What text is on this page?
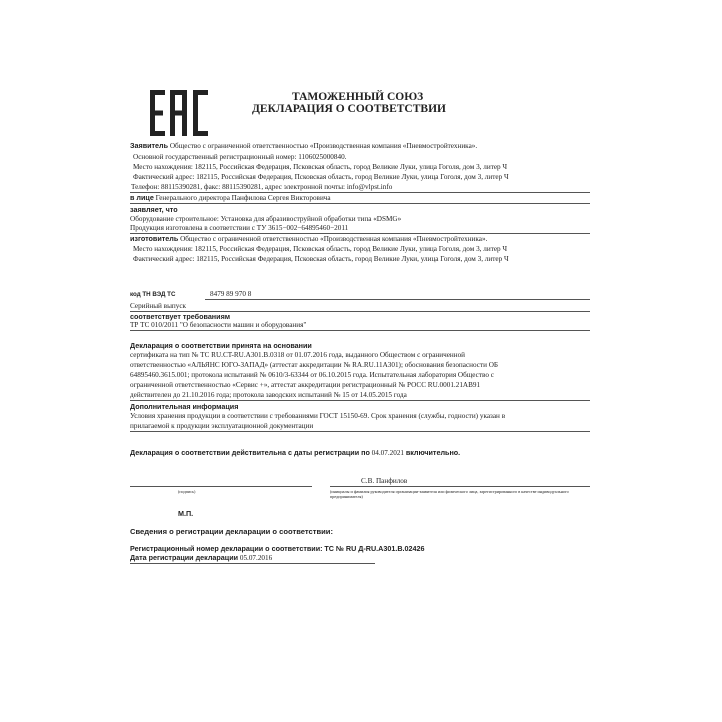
ТАМОЖЕННЫЙ СОЮЗ
ДЕКЛАРАЦИЯ О СООТВЕТСТВИИ
Заявитель Общество с ограниченной ответственностью «Производственная компания «Пневмостройтехника».
Основной государственный регистрационный номер: 1106025000840.
Место нахождения: 182115, Российская Федерация, Псковская область, город Великие Луки, улица Гоголя, дом 3, литер Ч
Фактический адрес: 182115, Российская Федерация, Псковская область, город Великие Луки, улица Гоголя, дом 3, литер Ч
Телефон: 88115390281, факс: 88115390281, адрес электронной почты: info@vlpst.info
в лице Генерального директора Панфилова Сергея Викторовича
заявляет, что
Оборудование строительное: Установка для абразивоструйной обработки типа «DSMG»
Продукция изготовлена в соответствии с ТУ 3615−002−64895460−2011
изготовитель Общество с ограниченной ответственностью «Производственная компания «Пневмостройтехника».
Место нахождения: 182115, Российская Федерация, Псковская область, город Великие Луки, улица Гоголя, дом 3, литер Ч
Фактический адрес: 182115, Российская Федерация, Псковская область, город Великие Луки, улица Гоголя, дом 3, литер Ч
код ТН ВЭД ТС	8479 89 970 8
Серийный выпуск
соответствует требованиям
ТР ТС 010/2011 "О безопасности машин и оборудования"
Декларация о соответствии принята на основании
сертификата на тип № ТС RU.CT-RU.A301.B.0318 от 01.07.2016 года, выданного Обществом с ограниченной
ответственностью «АЛЬЯНС ЮГО-ЗАПАД» (аттестат аккредитации № RA.RU.11A301); обоснования безопасности ОБ
64895460.3615.001; протокола испытаний № 0610/3-63344 от 06.10.2015 года. Испытательная лаборатория Общество с
ограниченной ответственностью «Сервис +», аттестат аккредитации регистрационный № РОСС RU.0001.21АВ91
действителен до 21.10.2016 года; протокола заводских испытаний № 15 от 14.05.2015 года
Дополнительная информация
Условия хранения продукции в соответствии с требованиями ГОСТ 15150-69. Срок хранения (службы, годности) указан в
прилагаемой к продукции эксплуатационной документации
Декларация о соответствии действительна с даты регистрации по 04.07.2021 включительно.
С.В. Панфилов
(подпись)	(инициалы и фамилия руководителя организации-заявителя или физического лица, зарегистрированного в качестве индивидуального предпринимателя)
М.П.
Сведения о регистрации декларации о соответствии:
Регистрационный номер декларации о соответствии: ТС № RU Д-RU.A301.B.02426
Дата регистрации декларации 05.07.2016
